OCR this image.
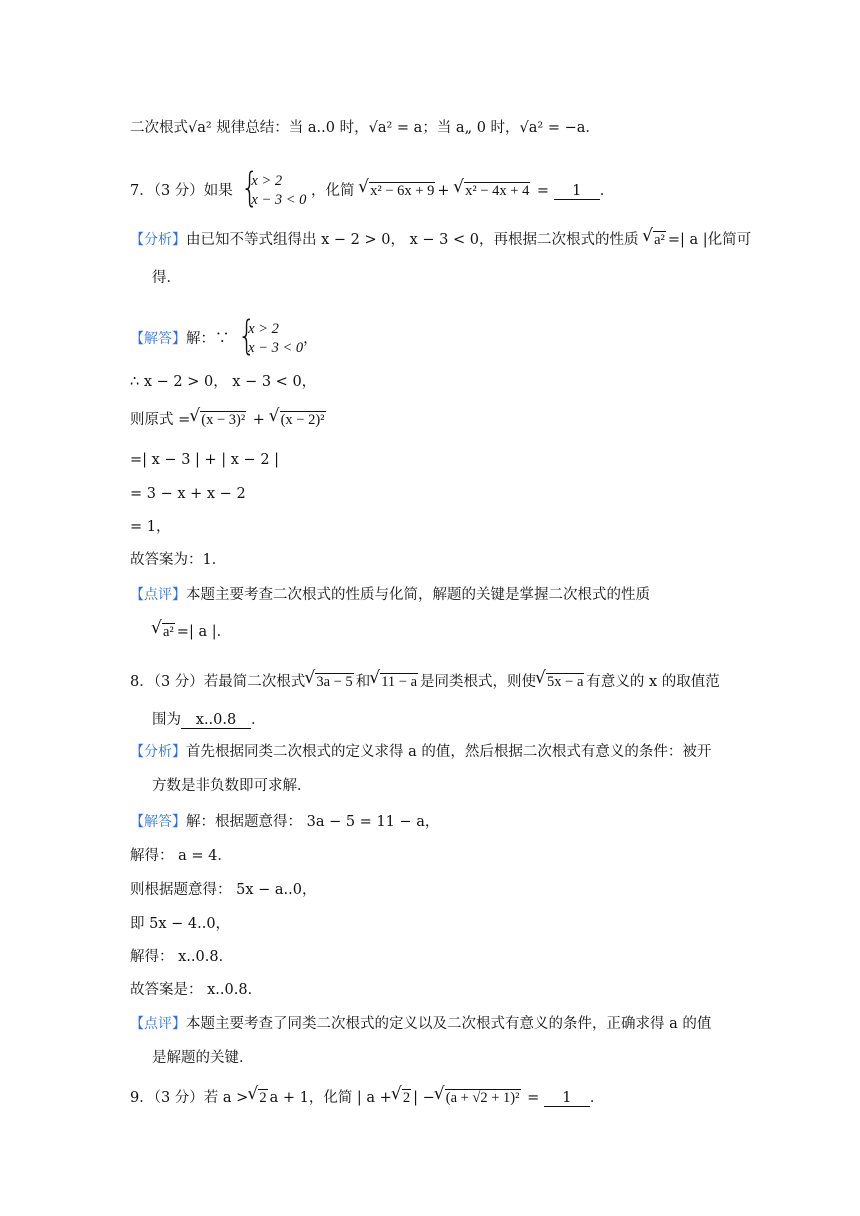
二次根式√a² 规律总结：当 a..0 时，√a² = a；当 a„ 0 时，√a² = −a．
7．（3 分）如果 {
x > 2
x − 3 < 0
，化简 √ x² − 6x + 9 + √ x² − 4x + 4 = 1 ．
【分析】由已知不等式组得出 x − 2 > 0， x − 3 < 0，再根据二次根式的性质 √ a² =| a |化简可
得．
【解答】解：∵ {
x > 2
x − 3 < 0
，
∴ x − 2 > 0， x − 3 < 0，
则原式 = √ (x − 3)² + √ (x − 2)²
=| x − 3 | + | x − 2 |
= 3 − x + x − 2
= 1，
故答案为：1．
【点评】本题主要考查二次根式的性质与化简，解题的关键是掌握二次根式的性质
√ a² =| a |．
8．（3 分）若最简二次根式 √ 3a − 5 和 √ 11 − a 是同类根式，则使 √ 5x − a 有意义的 x 的取值范
围为 x..0.8 ．
【分析】首先根据同类二次根式的定义求得 a 的值，然后根据二次根式有意义的条件：被开
方数是非负数即可求解．
【解答】解：根据题意得： 3a − 5 = 11 − a，
解得： a = 4．
则根据题意得： 5x − a..0，
即 5x − 4..0，
解得： x..0.8．
故答案是： x..0.8．
【点评】本题主要考查了同类二次根式的定义以及二次根式有意义的条件，正确求得 a 的值
是解题的关键．
9．（3 分）若 a > √ 2 a + 1，化简 | a + √ 2 | − √ (a + √2 + 1)² = 1 ．
